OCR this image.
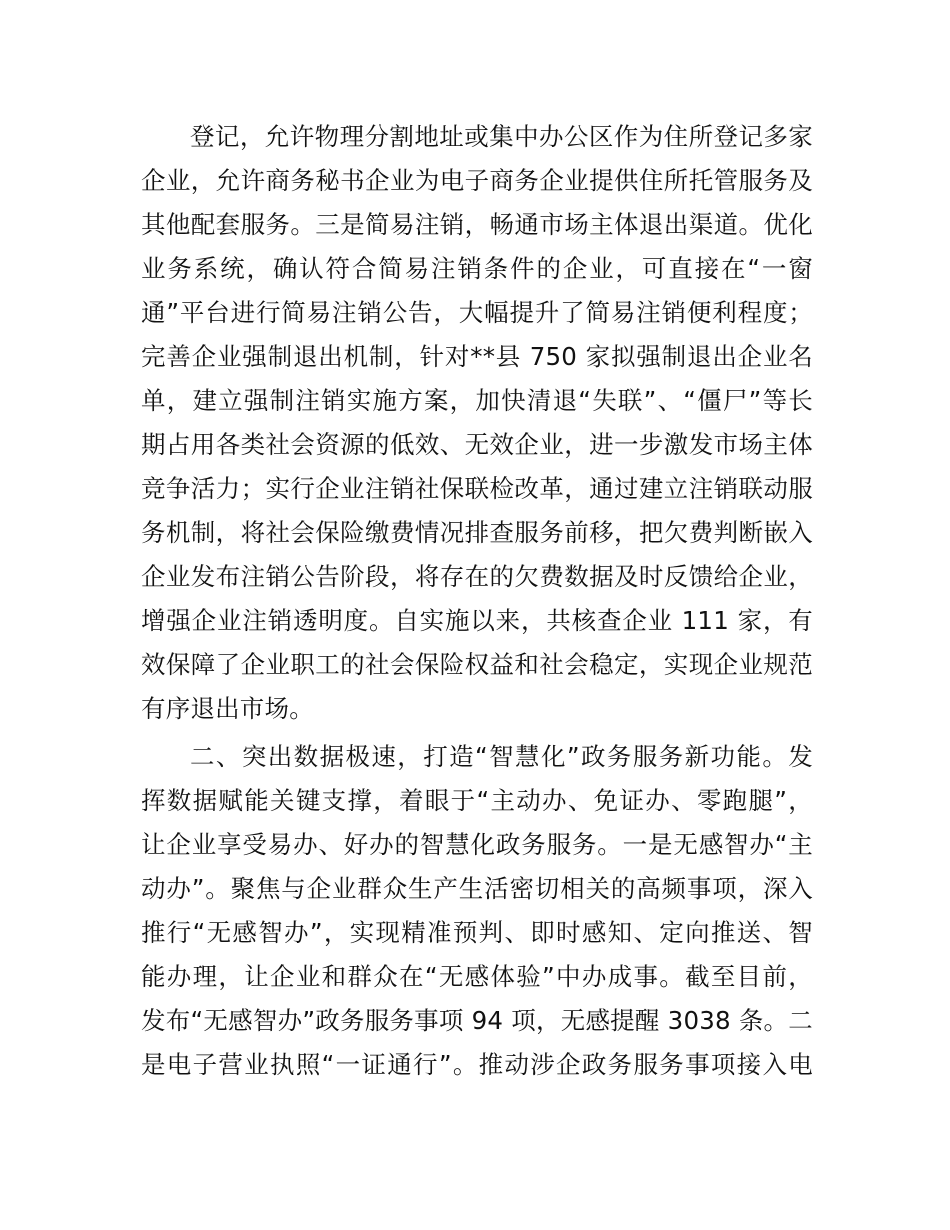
登记，允许物理分割地址或集中办公区作为住所登记多家
企业，允许商务秘书企业为电子商务企业提供住所托管服务及
其他配套服务。三是简易注销，畅通市场主体退出渠道。优化
业务系统，确认符合简易注销条件的企业，可直接在“一窗
通”平台进行简易注销公告，大幅提升了简易注销便利程度；
完善企业强制退出机制，针对**县 750 家拟强制退出企业名
单，建立强制注销实施方案，加快清退“失联”、“僵尸”等长
期占用各类社会资源的低效、无效企业，进一步激发市场主体
竞争活力；实行企业注销社保联检改革，通过建立注销联动服
务机制，将社会保险缴费情况排查服务前移，把欠费判断嵌入
企业发布注销公告阶段，将存在的欠费数据及时反馈给企业，
增强企业注销透明度。自实施以来，共核查企业 111 家，有
效保障了企业职工的社会保险权益和社会稳定，实现企业规范
有序退出市场。
二、突出数据极速，打造“智慧化”政务服务新功能。发
挥数据赋能关键支撑，着眼于“主动办、免证办、零跑腿”，
让企业享受易办、好办的智慧化政务服务。一是无感智办“主
动办”。聚焦与企业群众生产生活密切相关的高频事项，深入
推行“无感智办”，实现精准预判、即时感知、定向推送、智
能办理，让企业和群众在“无感体验”中办成事。截至目前，
发布“无感智办”政务服务事项 94 项，无感提醒 3038 条。二
是电子营业执照“一证通行”。推动涉企政务服务事项接入电
